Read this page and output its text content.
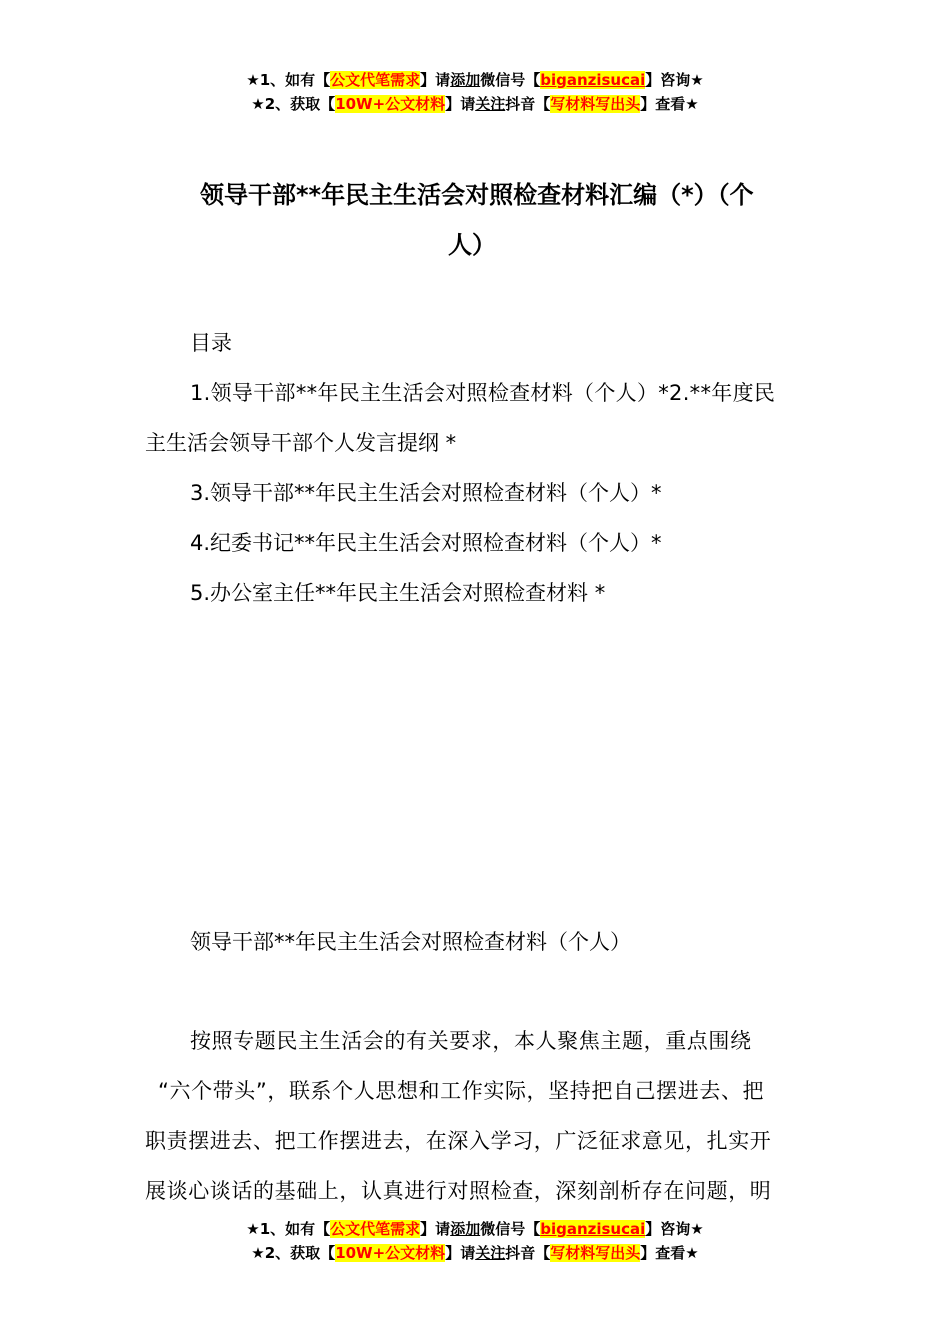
★1、如有【公文代笔需求】请添加微信号【biganzisucai】咨询★
★2、获取【10W+公文材料】请关注抖音【写材料写出头】查看★
领导干部**年民主生活会对照检查材料汇编（*）（个
人）
目录
1.领导干部**年民主生活会对照检查材料（个人）*2.**年度民
主生活会领导干部个人发言提纲 *
3.领导干部**年民主生活会对照检查材料（个人）*
4.纪委书记**年民主生活会对照检查材料（个人）*
5.办公室主任**年民主生活会对照检查材料 *
领导干部**年民主生活会对照检查材料（个人）
按照专题民主生活会的有关要求，本人聚焦主题，重点围绕
“六个带头”，联系个人思想和工作实际，坚持把自己摆进去、把
职责摆进去、把工作摆进去，在深入学习，广泛征求意见，扎实开
展谈心谈话的基础上，认真进行对照检查，深刻剖析存在问题，明
★1、如有【公文代笔需求】请添加微信号【biganzisucai】咨询★
★2、获取【10W+公文材料】请关注抖音【写材料写出头】查看★
